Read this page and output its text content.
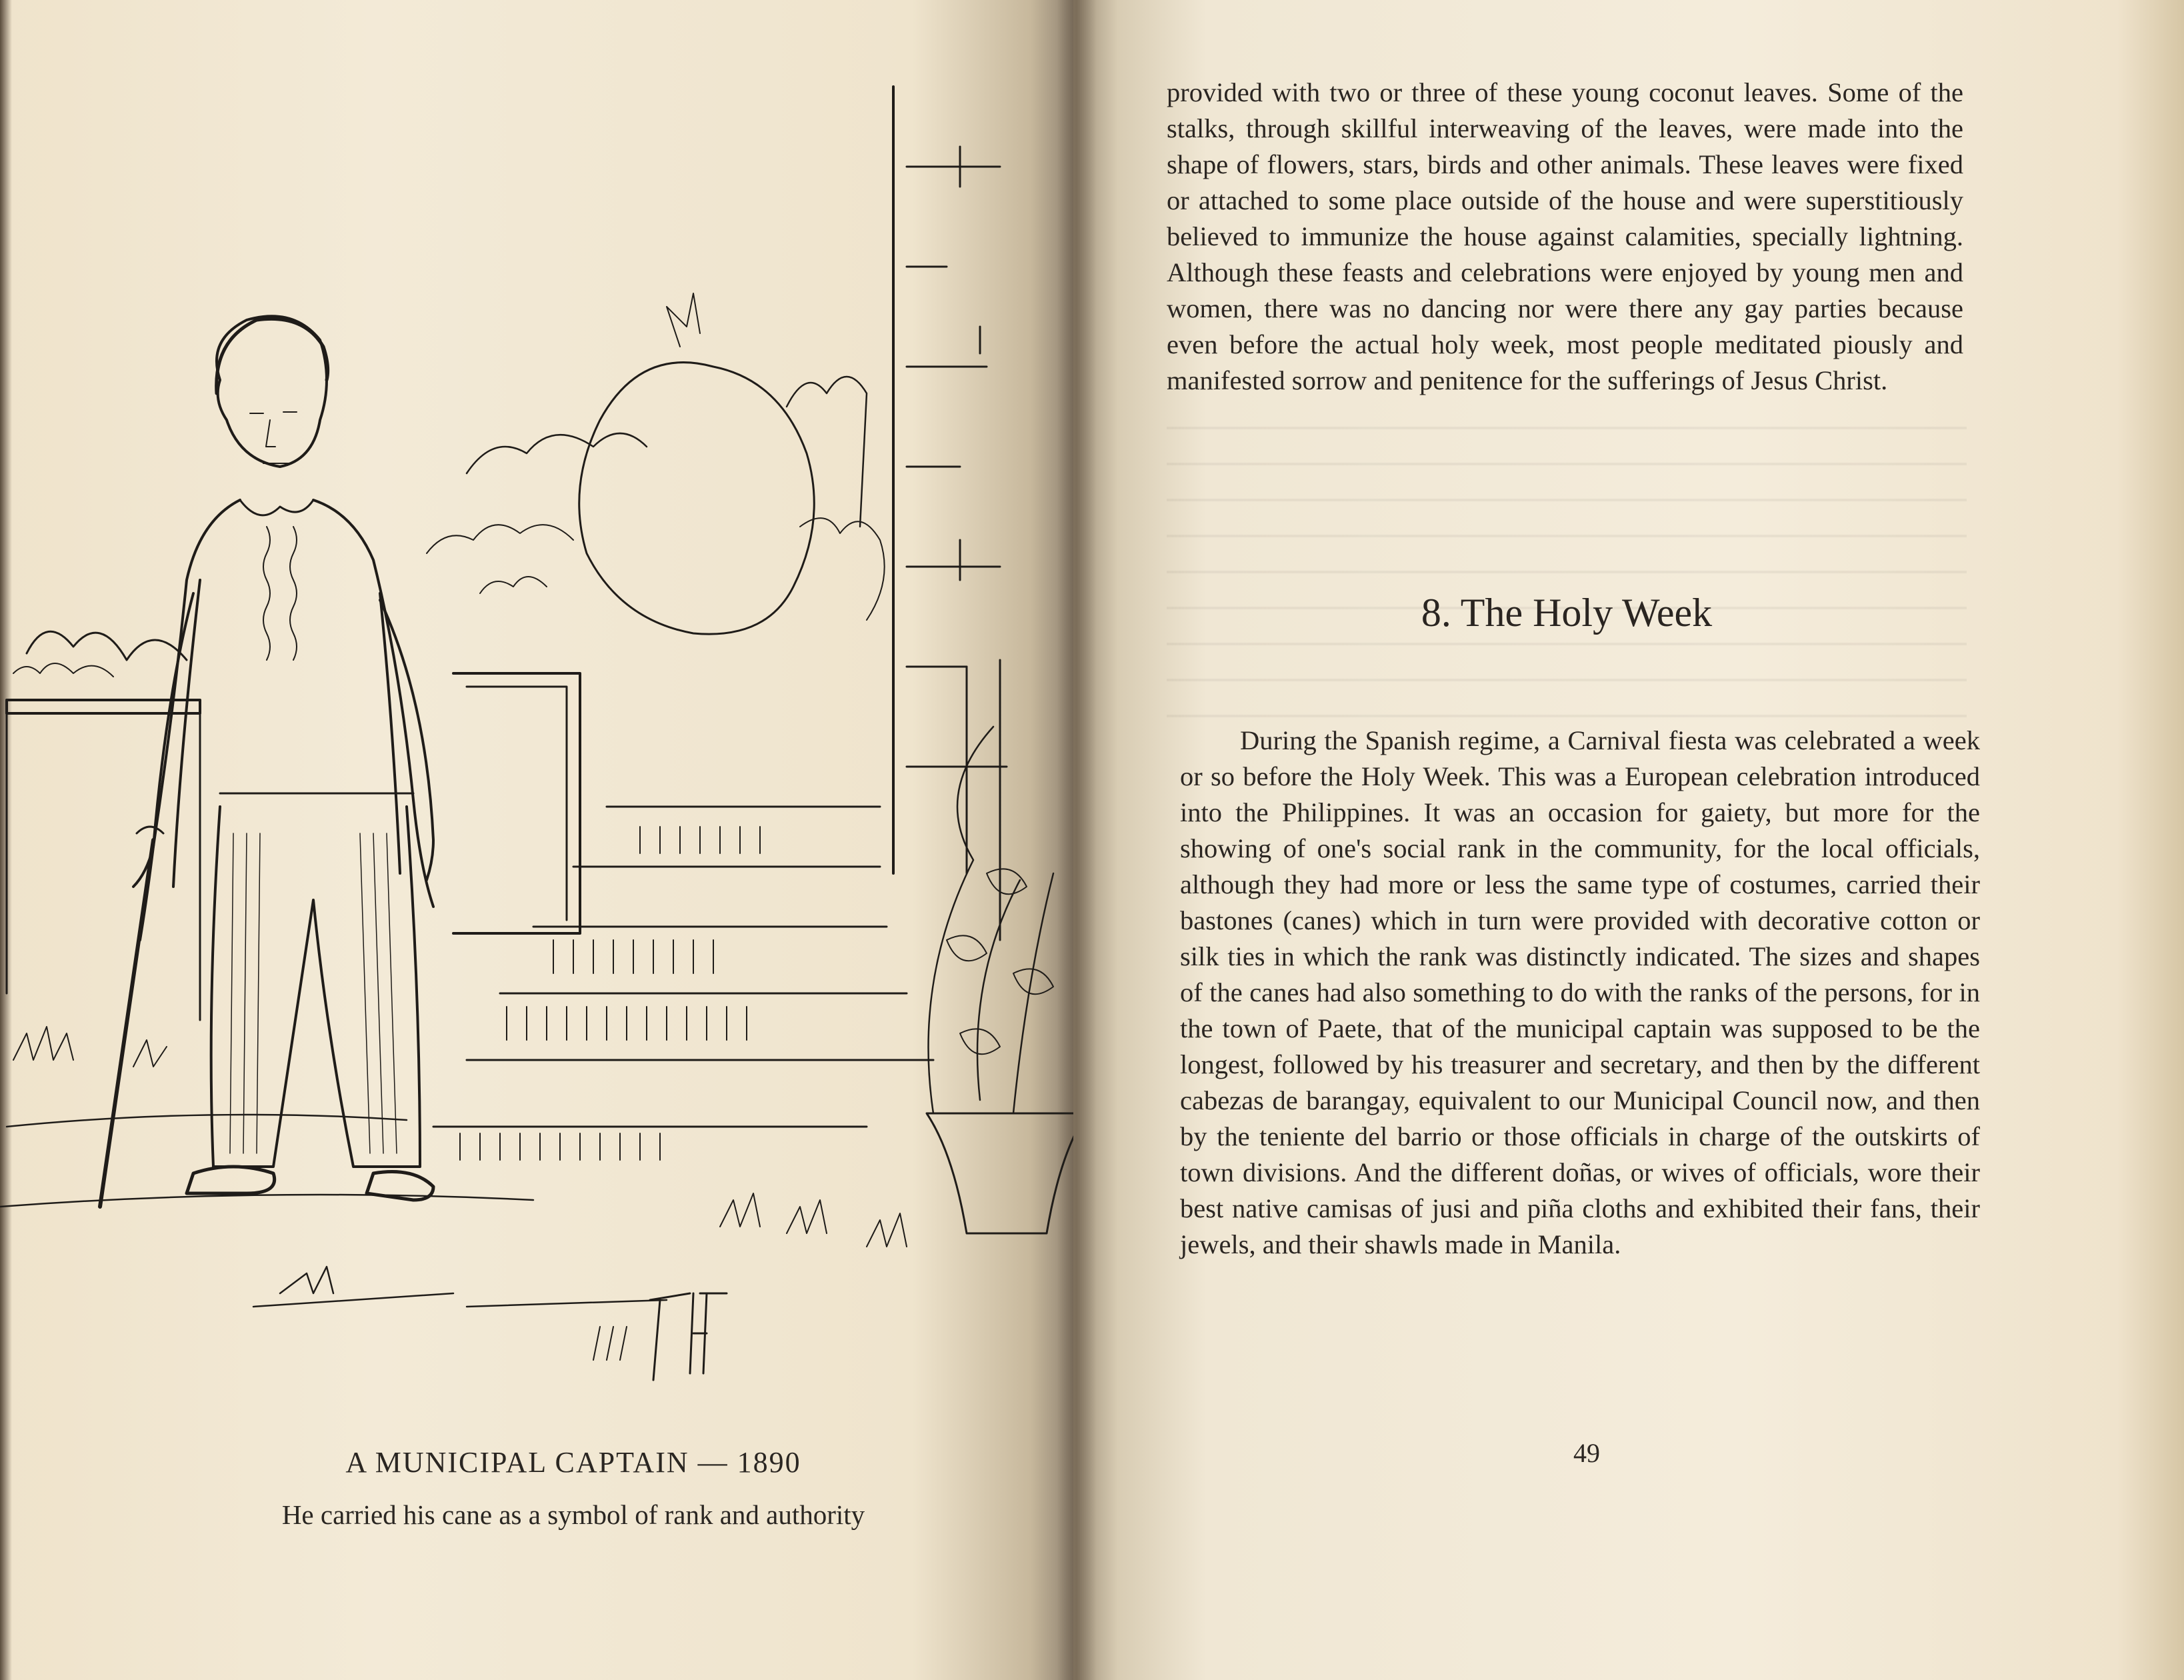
A MUNICIPAL CAPTAIN — 1890
He carried his cane as a symbol of rank and authority

provided with two or three of these young coconut leaves. Some of the stalks, through skillful interweaving of the leaves, were made into the shape of flowers, stars, birds and other animals. These leaves were fixed or attached to some place outside of the house and were superstitiously believed to immunize the house against calamities, specially lightning. Although these feasts and celebrations were enjoyed by young men and women, there was no dancing nor were there any gay parties because even before the actual holy week, most people meditated piously and manifested sorrow and penitence for the sufferings of Jesus Christ.

8. The Holy Week

During the Spanish regime, a Carnival fiesta was celebrated a week or so before the Holy Week. This was a European celebration introduced into the Philippines. It was an occasion for gaiety, but more for the showing of one's social rank in the community, for the local officials, although they had more or less the same type of costumes, carried their bastones (canes) which in turn were provided with decorative cotton or silk ties in which the rank was distinctly indicated. The sizes and shapes of the canes had also something to do with the ranks of the persons, for in the town of Paete, that of the municipal captain was supposed to be the longest, followed by his treasurer and secretary, and then by the different cabezas de barangay, equivalent to our Municipal Council now, and then by the teniente del barrio or those officials in charge of the outskirts of town divisions. And the different doñas, or wives of officials, wore their best native camisas of jusi and piña cloths and exhibited their fans, their jewels, and their shawls made in Manila.

49
